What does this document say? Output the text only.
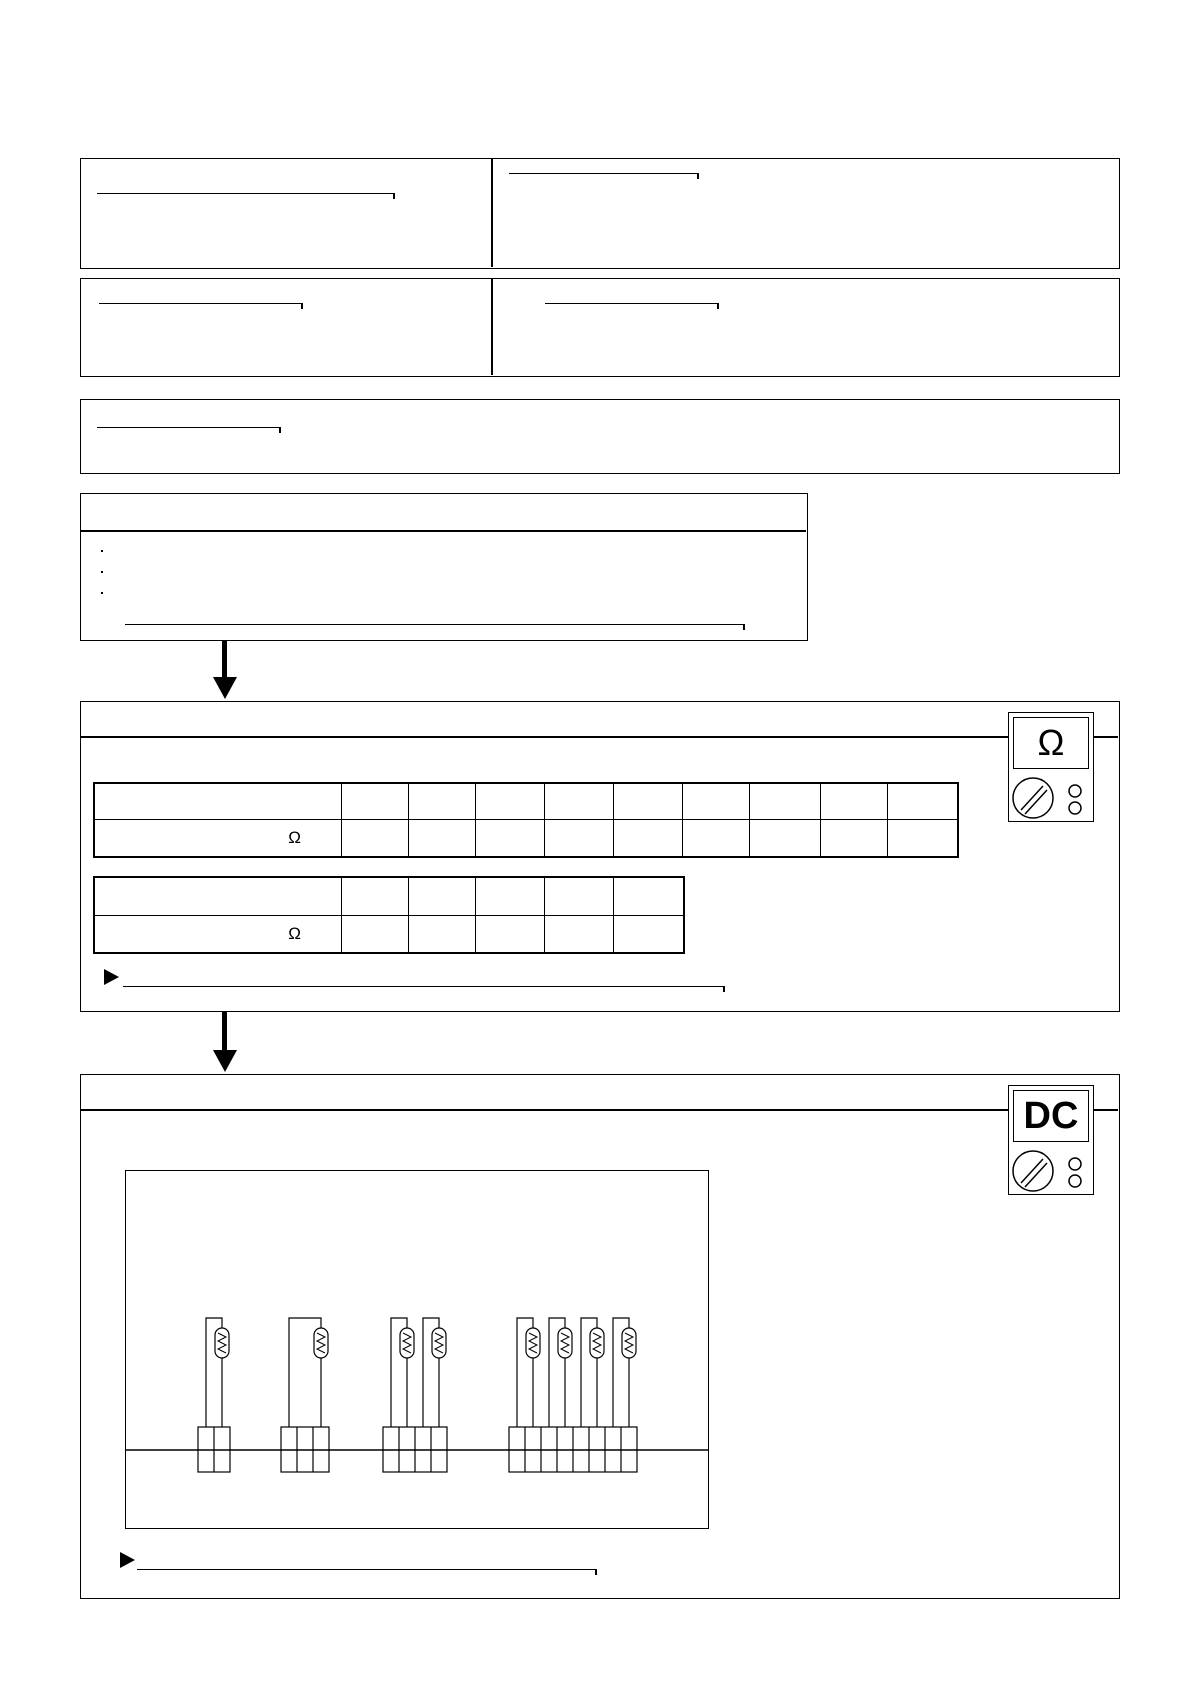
Ω									

Ω					

Ω
DC
